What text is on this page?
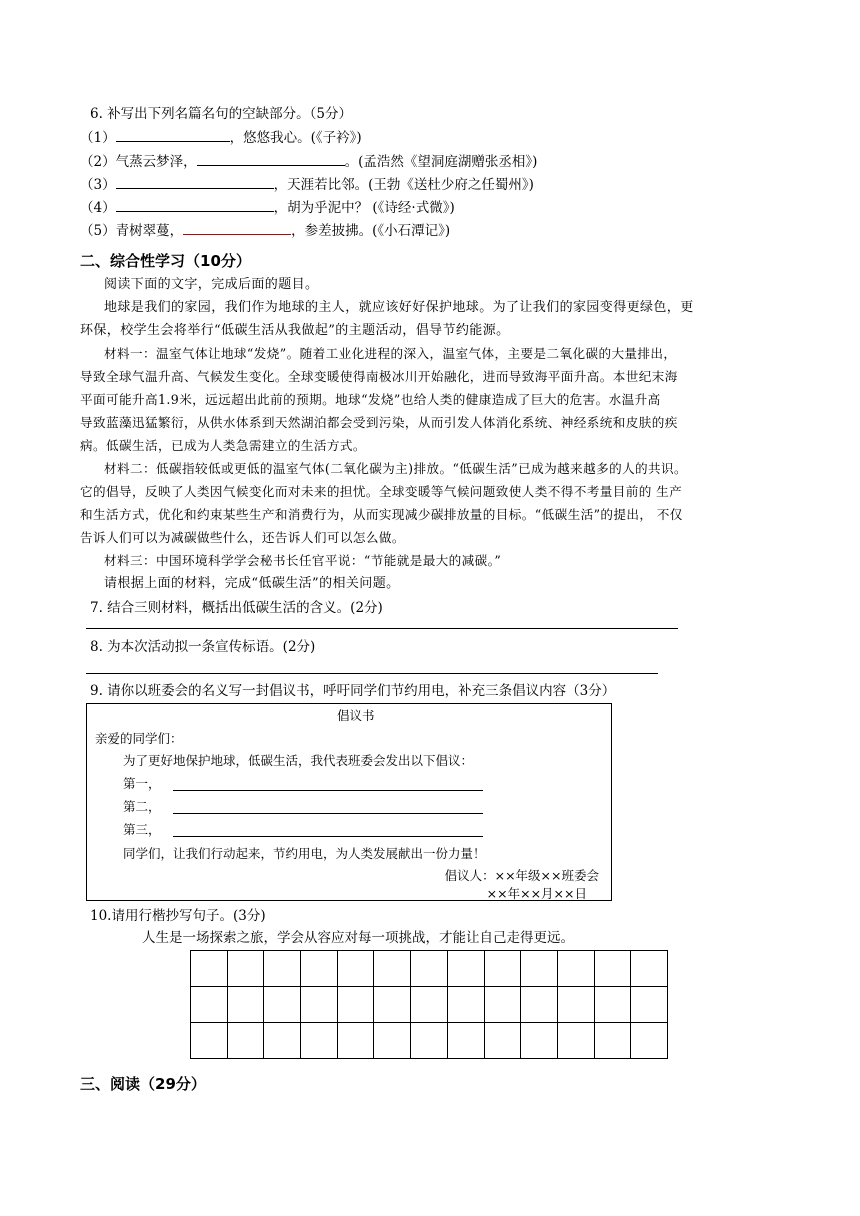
6. 补写出下列名篇名句的空缺部分。（5分）
（1）	，悠悠我心。(《子衿》)
（2）气蒸云梦泽，	。(孟浩然《望洞庭湖赠张丞相》)
（3）	，天涯若比邻。(王勃《送杜少府之任蜀州》)
（4）	，胡为乎泥中？ (《诗经·式微》)
（5）青树翠蔓，	，参差披拂。(《小石潭记》)
二、综合性学习（10分）
阅读下面的文字，完成后面的题目。
地球是我们的家园，我们作为地球的主人，就应该好好保护地球。为了让我们的家园变得更绿色，更
环保，校学生会将举行“低碳生活从我做起”的主题活动，倡导节约能源。
材料一：温室气体让地球“发烧”。随着工业化进程的深入，温室气体，主要是二氧化碳的大量排出，
导致全球气温升高、气候发生变化。全球变暖使得南极冰川开始融化，进而导致海平面升高。本世纪末海
平面可能升高1.9米，远远超出此前的预期。地球“发烧”也给人类的健康造成了巨大的危害。水温升高
导致蓝藻迅猛繁衍，从供水体系到天然湖泊都会受到污染，从而引发人体消化系统、神经系统和皮肤的疾
病。低碳生活，已成为人类急需建立的生活方式。
材料二：低碳指较低或更低的温室气体(二氧化碳为主)排放。“低碳生活”已成为越来越多的人的共识。
它的倡导，反映了人类因气候变化而对未来的担忧。全球变暖等气候问题致使人类不得不考量目前的 生产
和生活方式，优化和约束某些生产和消费行为，从而实现减少碳排放量的目标。“低碳生活”的提出， 不仅
告诉人们可以为减碳做些什么，还告诉人们可以怎么做。
材料三：中国环境科学学会秘书长任官平说：“节能就是最大的减碳。”
请根据上面的材料，完成“低碳生活”的相关问题。
7. 结合三则材料，概括出低碳生活的含义。(2分)
8. 为本次活动拟一条宣传标语。(2分)
9. 请你以班委会的名义写一封倡议书，呼吁同学们节约用电，补充三条倡议内容（3分）
倡议书
亲爱的同学们：
为了更好地保护地球，低碳生活，我代表班委会发出以下倡议：
第一，
第二，
第三，
同学们，让我们行动起来，节约用电，为人类发展献出一份力量！
倡议人：××年级××班委会
××年××月××日
10.请用行楷抄写句子。(3分)
人生是一场探索之旅，学会从容应对每一项挑战，才能让自己走得更远。

三、阅读（29分）
